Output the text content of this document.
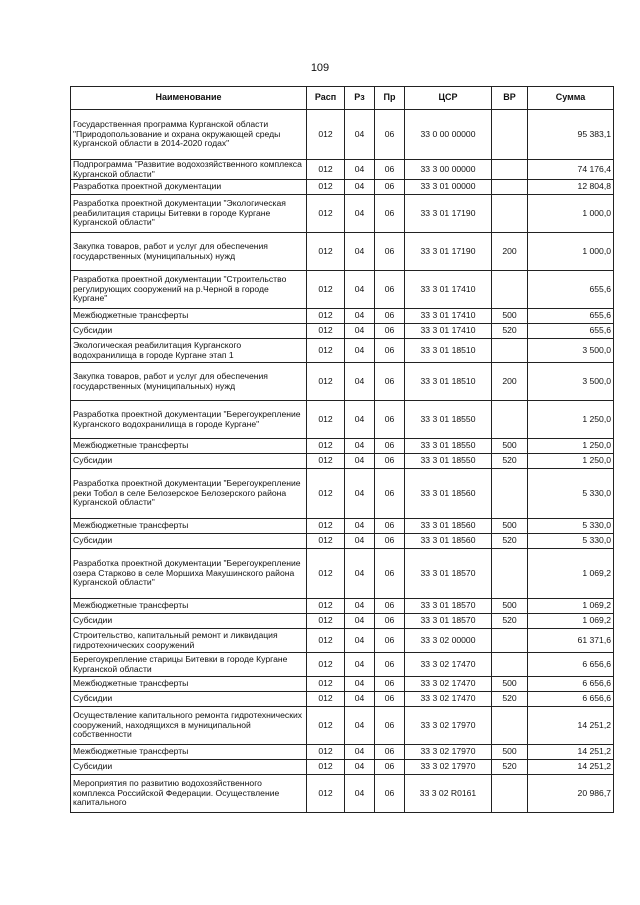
109
Наименование	Расп	Рз	Пр	ЦСР	ВР	Сумма
Государственная программа Курганской области "Природопользование и охрана окружающей среды Курганской области в 2014-2020 годах"	012	04	06	33 0 00 00000		95 383,1
Подпрограмма "Развитие водохозяйственного комплекса Курганской области"	012	04	06	33 3 00 00000		74 176,4
Разработка проектной документации	012	04	06	33 3 01 00000		12 804,8
Разработка проектной документации "Экологическая реабилитация старицы Битевки в городе Кургане Курганской области"	012	04	06	33 3 01 17190		1 000,0
Закупка товаров, работ и услуг для обеспечения государственных (муниципальных) нужд	012	04	06	33 3 01 17190	200	1 000,0
Разработка проектной документации "Строительство регулирующих сооружений на р.Черной в городе Кургане"	012	04	06	33 3 01 17410		655,6
Межбюджетные трансферты	012	04	06	33 3 01 17410	500	655,6
Субсидии	012	04	06	33 3 01 17410	520	655,6
Экологическая реабилитация Курганского водохранилища в городе Кургане этап 1	012	04	06	33 3 01 18510		3 500,0
Закупка товаров, работ и услуг для обеспечения государственных (муниципальных) нужд	012	04	06	33 3 01 18510	200	3 500,0
Разработка проектной документации "Берегоукрепление Курганского водохранилища в городе Кургане"	012	04	06	33 3 01 18550		1 250,0
Межбюджетные трансферты	012	04	06	33 3 01 18550	500	1 250,0
Субсидии	012	04	06	33 3 01 18550	520	1 250,0
Разработка проектной документации "Берегоукрепление реки Тобол в селе Белозерское Белозерского района Курганской области"	012	04	06	33 3 01 18560		5 330,0
Межбюджетные трансферты	012	04	06	33 3 01 18560	500	5 330,0
Субсидии	012	04	06	33 3 01 18560	520	5 330,0
Разработка проектной документации "Берегоукрепление озера Старково в селе Моршиха Макушинского района Курганской области"	012	04	06	33 3 01 18570		1 069,2
Межбюджетные трансферты	012	04	06	33 3 01 18570	500	1 069,2
Субсидии	012	04	06	33 3 01 18570	520	1 069,2
Строительство, капитальный ремонт и ликвидация гидротехнических сооружений	012	04	06	33 3 02 00000		61 371,6
Берегоукрепление старицы Битевки в городе Кургане Курганской области	012	04	06	33 3 02 17470		6 656,6
Межбюджетные трансферты	012	04	06	33 3 02 17470	500	6 656,6
Субсидии	012	04	06	33 3 02 17470	520	6 656,6
Осуществление капитального ремонта гидротехнических сооружений, находящихся в муниципальной собственности	012	04	06	33 3 02 17970		14 251,2
Межбюджетные трансферты	012	04	06	33 3 02 17970	500	14 251,2
Субсидии	012	04	06	33 3 02 17970	520	14 251,2
Мероприятия по развитию водохозяйственного комплекса Российской Федерации. Осуществление капитального	012	04	06	33 3 02 R0161		20 986,7
